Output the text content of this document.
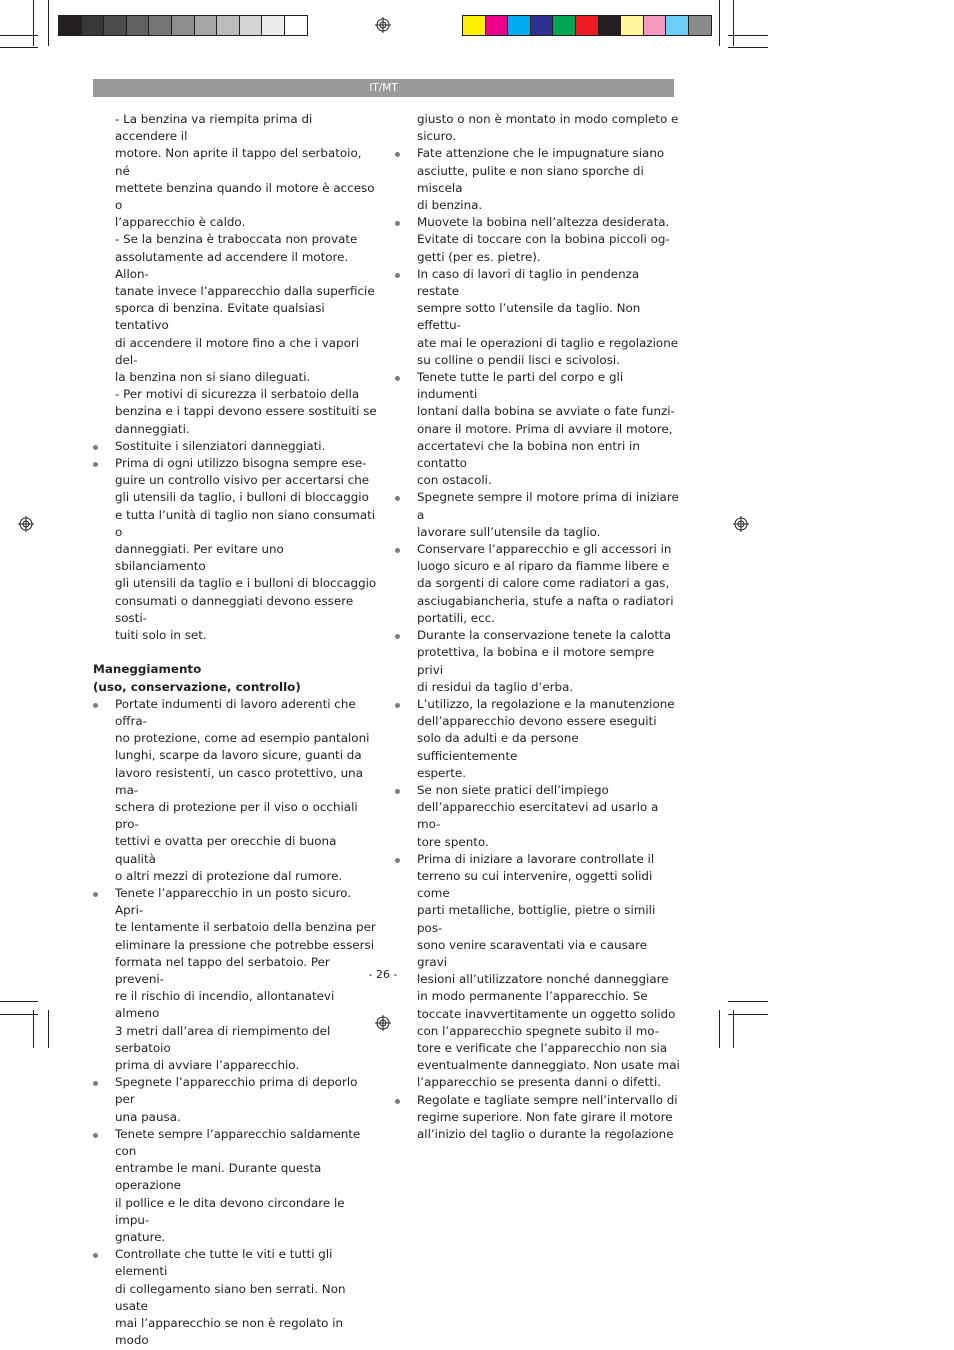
IT/MT

- La benzina va riempita prima di accendere il

motore. Non aprite il tappo del serbatoio, né

mettete benzina quando il motore è acceso o

l’apparecchio è caldo.

- Se la benzina è traboccata non provate

assolutamente ad accendere il motore. Allon-

tanate invece l’apparecchio dalla superficie

sporca di benzina. Evitate qualsiasi tentativo

di accendere il motore fino a che i vapori del-

la benzina non si siano dileguati.

- Per motivi di sicurezza il serbatoio della

benzina e i tappi devono essere sostituiti se

danneggiati.

Sostituite i silenziatori danneggiati.

Prima di ogni utilizzo bisogna sempre ese-

guire un controllo visivo per accertarsi che

gli utensili da taglio, i bulloni di bloccaggio

e tutta l’unità di taglio non siano consumati o

danneggiati. Per evitare uno sbilanciamento

gli utensili da taglio e i bulloni di bloccaggio

consumati o danneggiati devono essere sosti-

tuiti solo in set.

Maneggiamento

(uso, conservazione, controllo)

Portate indumenti di lavoro aderenti che offra-

no protezione, come ad esempio pantaloni

lunghi, scarpe da lavoro sicure, guanti da

lavoro resistenti, un casco protettivo, una ma-

schera di protezione per il viso o occhiali pro-

tettivi e ovatta per orecchie di buona qualità

o altri mezzi di protezione dal rumore.

Tenete l’apparecchio in un posto sicuro. Apri-

te lentamente il serbatoio della benzina per

eliminare la pressione che potrebbe essersi

formata nel tappo del serbatoio. Per preveni-

re il rischio di incendio, allontanatevi almeno

3 metri dall’area di riempimento del serbatoio

prima di avviare l’apparecchio.

Spegnete l’apparecchio prima di deporlo per

una pausa.

Tenete sempre l’apparecchio saldamente con

entrambe le mani. Durante questa operazione

il pollice e le dita devono circondare le impu-

gnature.

Controllate che tutte le viti e tutti gli elementi

di collegamento siano ben serrati. Non usate

mai l’apparecchio se non è regolato in modo

giusto o non è montato in modo completo e

sicuro.

Fate attenzione che le impugnature siano

asciutte, pulite e non siano sporche di miscela

di benzina.

Muovete la bobina nell’altezza desiderata.

Evitate di toccare con la bobina piccoli og-

getti (per es. pietre).

In caso di lavori di taglio in pendenza restate

sempre sotto l’utensile da taglio. Non effettu-

ate mai le operazioni di taglio e regolazione

su colline o pendii lisci e scivolosi.

Tenete tutte le parti del corpo e gli indumenti

lontani dalla bobina se avviate o fate funzi-

onare il motore. Prima di avviare il motore,

accertatevi che la bobina non entri in contatto

con ostacoli.

Spegnete sempre il motore prima di iniziare a

lavorare sull’utensile da taglio.

Conservare l’apparecchio e gli accessori in

luogo sicuro e al riparo da fiamme libere e

da sorgenti di calore come radiatori a gas,

asciugabiancheria, stufe a nafta o radiatori

portatili, ecc.

Durante la conservazione tenete la calotta

protettiva, la bobina e il motore sempre privi

di residui da taglio d’erba.

L’utilizzo, la regolazione e la manutenzione

dell’apparecchio devono essere eseguiti

solo da adulti e da persone sufficientemente

esperte.

Se non siete pratici dell’impiego

dell’apparecchio esercitatevi ad usarlo a mo-

tore spento.

Prima di iniziare a lavorare controllate il

terreno su cui intervenire, oggetti solidi come

parti metalliche, bottiglie, pietre o simili pos-

sono venire scaraventati via e causare gravi

lesioni all’utilizzatore nonché danneggiare

in modo permanente l’apparecchio. Se

toccate inavvertitamente un oggetto solido

con l’apparecchio spegnete subito il mo-

tore e verificate che l’apparecchio non sia

eventualmente danneggiato. Non usate mai

l’apparecchio se presenta danni o difetti.

Regolate e tagliate sempre nell’intervallo di

regime superiore. Non fate girare il motore

all’inizio del taglio o durante la regolazione

- 26 -
